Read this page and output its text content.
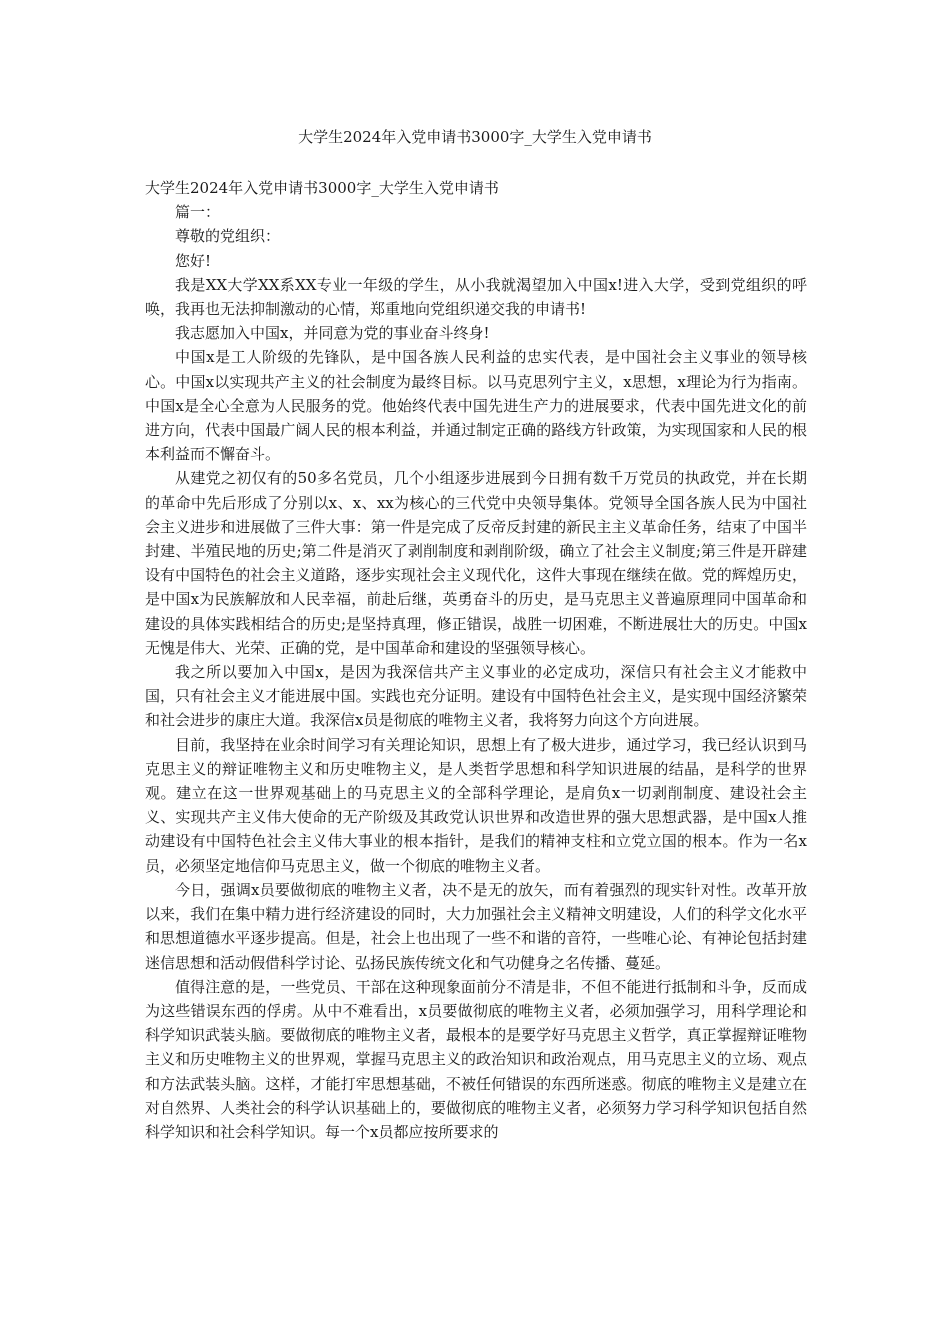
大学生2024年入党申请书3000字_大学生入党申请书

大学生2024年入党申请书3000字_大学生入党申请书

篇一：

尊敬的党组织：

您好!

我是XX大学XX系XX专业一年级的学生，从小我就渴望加入中国x!进入大学，受到党组织的呼唤，我再也无法抑制激动的心情，郑重地向党组织递交我的申请书!

我志愿加入中国x，并同意为党的事业奋斗终身!

中国x是工人阶级的先锋队，是中国各族人民利益的忠实代表，是中国社会主义事业的领导核心。中国x以实现共产主义的社会制度为最终目标。以马克思列宁主义，x思想，x理论为行为指南。中国x是全心全意为人民服务的党。他始终代表中国先进生产力的进展要求，代表中国先进文化的前进方向，代表中国最广阔人民的根本利益，并通过制定正确的路线方针政策，为实现国家和人民的根本利益而不懈奋斗。

从建党之初仅有的50多名党员，几个小组逐步进展到今日拥有数千万党员的执政党，并在长期的革命中先后形成了分别以x、x、xx为核心的三代党中央领导集体。党领导全国各族人民为中国社会主义进步和进展做了三件大事：第一件是完成了反帝反封建的新民主主义革命任务，结束了中国半封建、半殖民地的历史;第二件是消灭了剥削制度和剥削阶级，确立了社会主义制度;第三件是开辟建设有中国特色的社会主义道路，逐步实现社会主义现代化，这件大事现在继续在做。党的辉煌历史，是中国x为民族解放和人民幸福，前赴后继，英勇奋斗的历史，是马克思主义普遍原理同中国革命和建设的具体实践相结合的历史;是坚持真理，修正错误，战胜一切困难，不断进展壮大的历史。中国x无愧是伟大、光荣、正确的党，是中国革命和建设的坚强领导核心。

我之所以要加入中国x，是因为我深信共产主义事业的必定成功，深信只有社会主义才能救中国，只有社会主义才能进展中国。实践也充分证明。建设有中国特色社会主义，是实现中国经济繁荣和社会进步的康庄大道。我深信x员是彻底的唯物主义者，我将努力向这个方向进展。

目前，我坚持在业余时间学习有关理论知识，思想上有了极大进步，通过学习，我已经认识到马克思主义的辩证唯物主义和历史唯物主义，是人类哲学思想和科学知识进展的结晶，是科学的世界观。建立在这一世界观基础上的马克思主义的全部科学理论，是肩负x一切剥削制度、建设社会主义、实现共产主义伟大使命的无产阶级及其政党认识世界和改造世界的强大思想武器，是中国x人推动建设有中国特色社会主义伟大事业的根本指针，是我们的精神支柱和立党立国的根本。作为一名x员，必须坚定地信仰马克思主义，做一个彻底的唯物主义者。

今日，强调x员要做彻底的唯物主义者，决不是无的放矢，而有着强烈的现实针对性。改革开放以来，我们在集中精力进行经济建设的同时，大力加强社会主义精神文明建设，人们的科学文化水平和思想道德水平逐步提高。但是，社会上也出现了一些不和谐的音符，一些唯心论、有神论包括封建迷信思想和活动假借科学讨论、弘扬民族传统文化和气功健身之名传播、蔓延。

值得注意的是，一些党员、干部在这种现象面前分不清是非，不但不能进行抵制和斗争，反而成为这些错误东西的俘虏。从中不难看出，x员要做彻底的唯物主义者，必须加强学习，用科学理论和科学知识武装头脑。要做彻底的唯物主义者，最根本的是要学好马克思主义哲学，真正掌握辩证唯物主义和历史唯物主义的世界观，掌握马克思主义的政治知识和政治观点，用马克思主义的立场、观点和方法武装头脑。这样，才能打牢思想基础，不被任何错误的东西所迷惑。彻底的唯物主义是建立在对自然界、人类社会的科学认识基础上的，要做彻底的唯物主义者，必须努力学习科学知识包括自然科学知识和社会科学知识。每一个x员都应按所要求的
